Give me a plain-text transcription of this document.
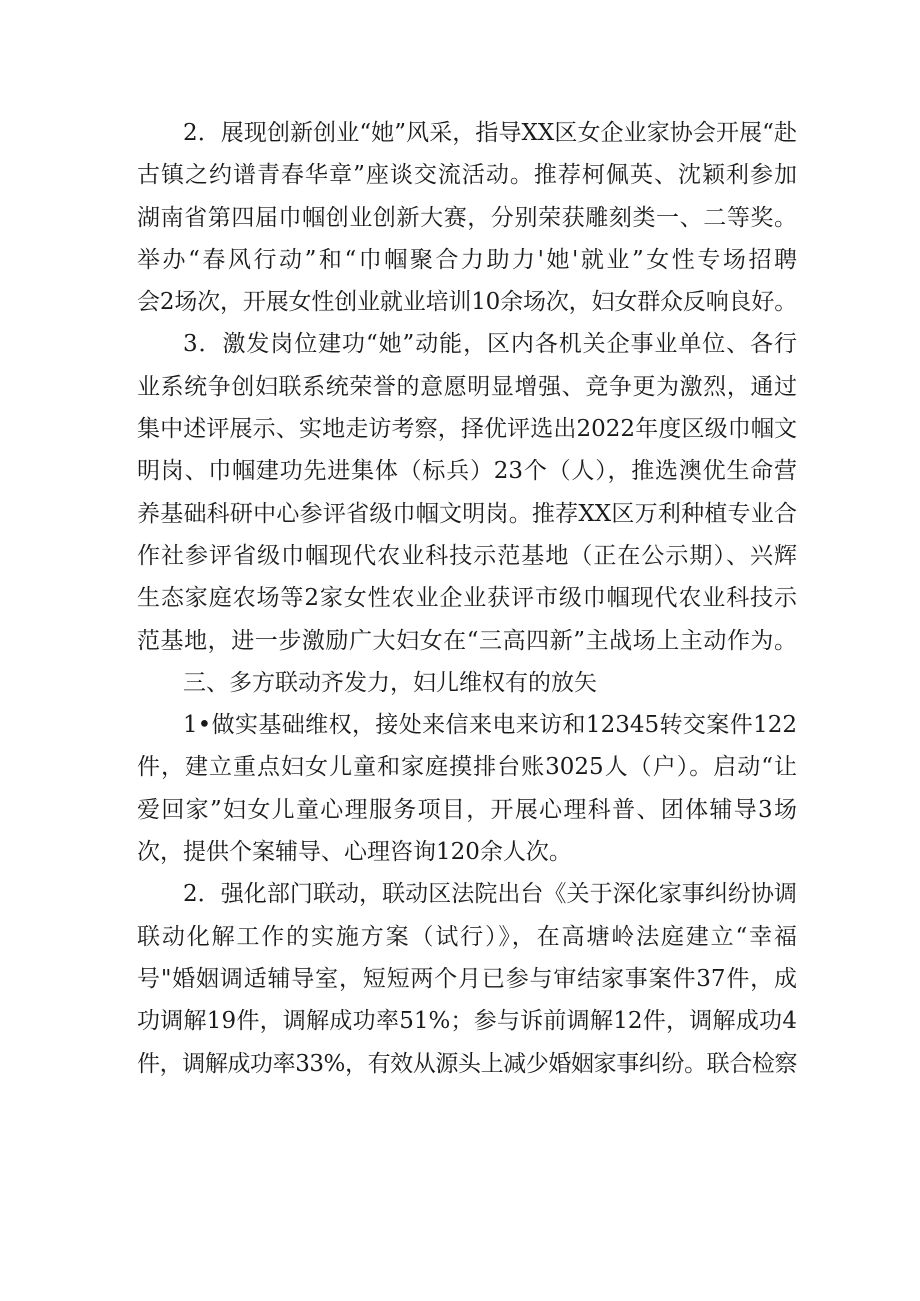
2．展现创新创业“她”风采，指导XX区女企业家协会开展“赴
古镇之约谱青春华章”座谈交流活动。推荐柯佩英、沈颖利参加
湖南省第四届巾帼创业创新大赛，分别荣获雕刻类一、二等奖。
举办“春风行动”和“巾帼聚合力助力'她'就业”女性专场招聘
会2场次，开展女性创业就业培训10余场次，妇女群众反响良好。
3．激发岗位建功“她”动能，区内各机关企事业单位、各行
业系统争创妇联系统荣誉的意愿明显增强、竞争更为激烈，通过
集中述评展示、实地走访考察，择优评选出2022年度区级巾帼文
明岗、巾帼建功先进集体（标兵）23个（人），推选澳优生命营
养基础科研中心参评省级巾帼文明岗。推荐XX区万利种植专业合
作社参评省级巾帼现代农业科技示范基地（正在公示期）、兴辉
生态家庭农场等2家女性农业企业获评市级巾帼现代农业科技示
范基地，进一步激励广大妇女在“三高四新”主战场上主动作为。
三、多方联动齐发力，妇儿维权有的放矢
1•做实基础维权，接处来信来电来访和12345转交案件122
件，建立重点妇女儿童和家庭摸排台账3025人（户）。启动“让
爱回家”妇女儿童心理服务项目，开展心理科普、团体辅导3场
次，提供个案辅导、心理咨询120余人次。
2．强化部门联动，联动区法院出台《关于深化家事纠纷协调
联动化解工作的实施方案（试行）》，在高塘岭法庭建立“幸福
号"婚姻调适辅导室，短短两个月已参与审结家事案件37件，成
功调解19件，调解成功率51%；参与诉前调解12件，调解成功4
件，调解成功率33%，有效从源头上减少婚姻家事纠纷。联合检察
